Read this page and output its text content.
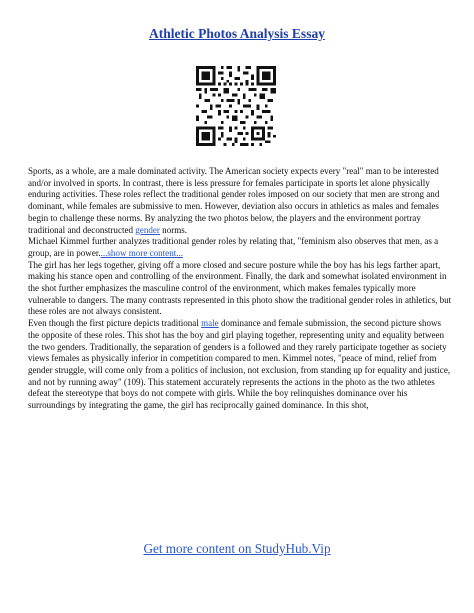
Athletic Photos Analysis Essay

Sports, as a whole, are a male dominated activity. The American society expects every "real" man to be interested and/or involved in sports. In contrast, there is less pressure for females participate in sports let alone physically enduring activities. These roles reflect the traditional gender roles imposed on our society that men are strong and dominant, while females are submissive to men. However, deviation also occurs in athletics as males and females begin to challenge these norms. By analyzing the two photos below, the players and the environment portray traditional and deconstructed gender norms.

Michael Kimmel further analyzes traditional gender roles by relating that, "feminism also observes that men, as a group, are in power....show more content...

The girl has her legs together, giving off a more closed and secure posture while the boy has his legs farther apart, making his stance open and controlling of the environment. Finally, the dark and somewhat isolated environment in the shot further emphasizes the masculine control of the environment, which makes females typically more vulnerable to dangers. The many contrasts represented in this photo show the traditional gender roles in athletics, but these roles are not always consistent.

Even though the first picture depicts traditional male dominance and female submission, the second picture shows the opposite of these roles. This shot has the boy and girl playing together, representing unity and equality between the two genders. Traditionally, the separation of genders is a followed and they rarely participate together as society views females as physically inferior in competition compared to men. Kimmel notes, "peace of mind, relief from gender struggle, will come only from a politics of inclusion, not exclusion, from standing up for equality and justice, and not by running away" (109). This statement accurately represents the actions in the photo as the two athletes defeat the stereotype that boys do not compete with girls. While the boy relinquishes dominance over his surroundings by integrating the game, the girl has reciprocally gained dominance. In this shot,

Get more content on StudyHub.Vip
